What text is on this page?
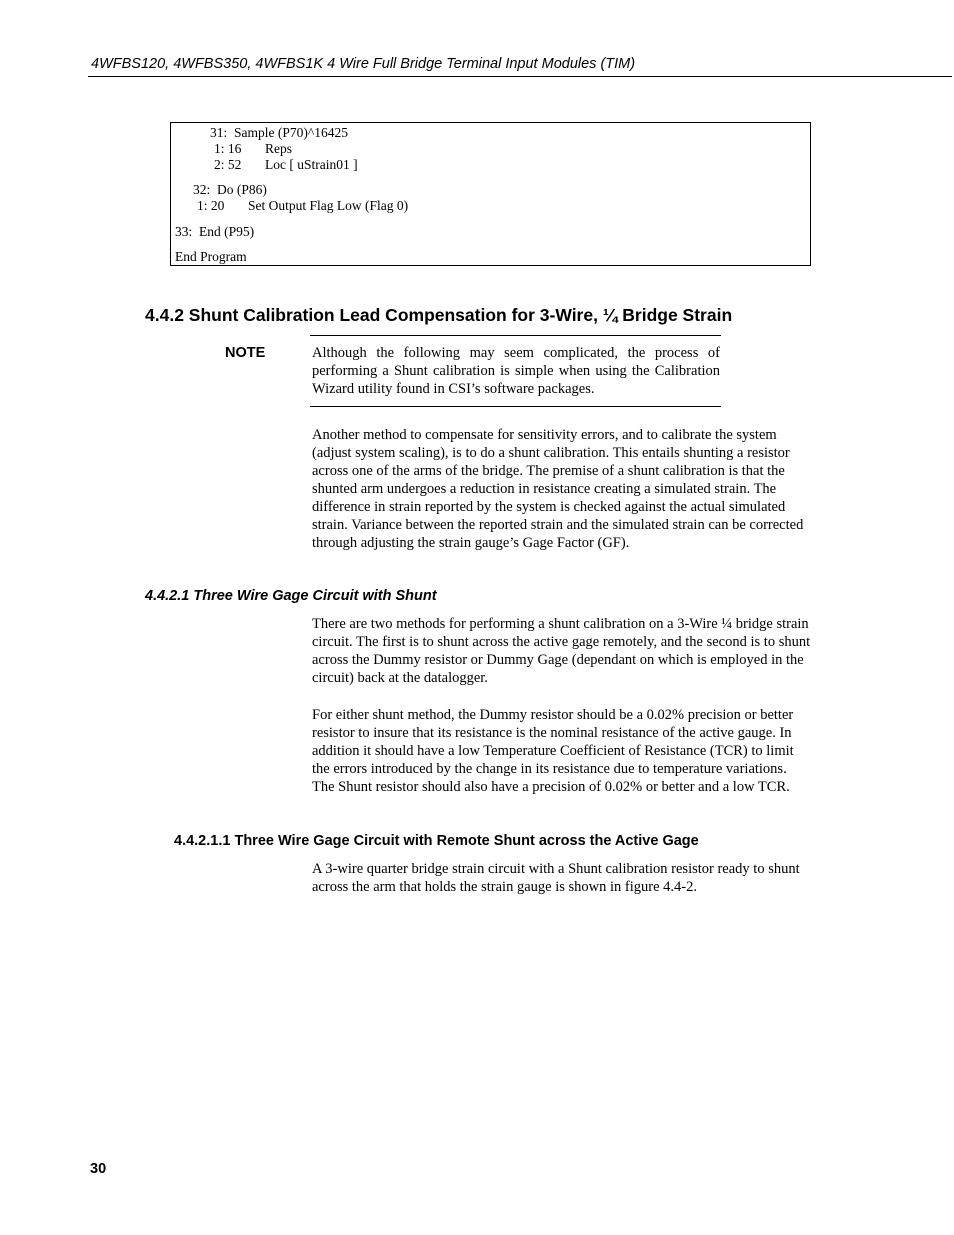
4WFBS120, 4WFBS350, 4WFBS1K 4 Wire Full Bridge Terminal Input Modules (TIM)
31:  Sample (P70)^16425
1: 16       Reps
2: 52       Loc [ uStrain01 ]
32:  Do (P86)
1: 20       Set Output Flag Low (Flag 0)
33:  End (P95)
End Program
4.4.2 Shunt Calibration Lead Compensation for 3-Wire, ¼ Bridge Strain
NOTE	Although the following may seem complicated, the process of performing a Shunt calibration is simple when using the Calibration Wizard utility found in CSI’s software packages.
Another method to compensate for sensitivity errors, and to calibrate the system (adjust system scaling), is to do a shunt calibration. This entails shunting a resistor across one of the arms of the bridge. The premise of a shunt calibration is that the shunted arm undergoes a reduction in resistance creating a simulated strain. The difference in strain reported by the system is checked against the actual simulated strain. Variance between the reported strain and the simulated strain can be corrected through adjusting the strain gauge’s Gage Factor (GF).
4.4.2.1 Three Wire Gage Circuit with Shunt
There are two methods for performing a shunt calibration on a 3-Wire ¼ bridge strain circuit. The first is to shunt across the active gage remotely, and the second is to shunt across the Dummy resistor or Dummy Gage (dependant on which is employed in the circuit) back at the datalogger.
For either shunt method, the Dummy resistor should be a 0.02% precision or better resistor to insure that its resistance is the nominal resistance of the active gauge. In addition it should have a low Temperature Coefficient of Resistance (TCR) to limit the errors introduced by the change in its resistance due to temperature variations. The Shunt resistor should also have a precision of 0.02% or better and a low TCR.
4.4.2.1.1 Three Wire Gage Circuit with Remote Shunt across the Active Gage
A 3-wire quarter bridge strain circuit with a Shunt calibration resistor ready to shunt across the arm that holds the strain gauge is shown in figure 4.4-2.
30
